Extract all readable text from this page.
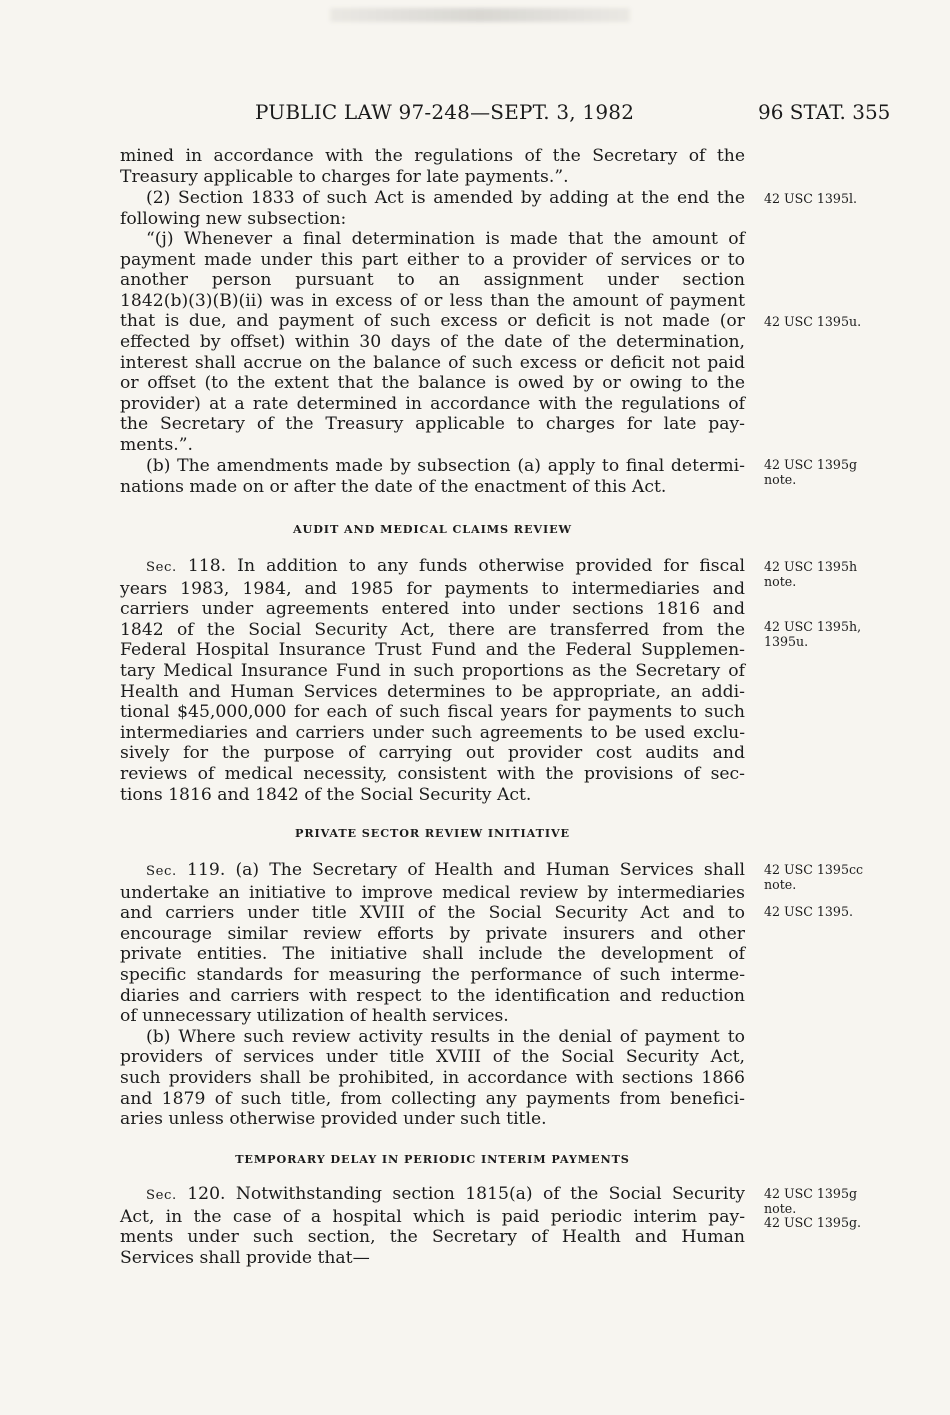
PUBLIC LAW 97-248—SEPT. 3, 1982	96 STAT. 355
mined in accordance with the regulations of the Secretary of the
Treasury applicable to charges for late payments.”.
(2) Section 1833 of such Act is amended by adding at the end the
following new subsection:
“(j) Whenever a final determination is made that the amount of
payment made under this part either to a provider of services or to
another person pursuant to an assignment under section
1842(b)(3)(B)(ii) was in excess of or less than the amount of payment
that is due, and payment of such excess or deficit is not made (or
effected by offset) within 30 days of the date of the determination,
interest shall accrue on the balance of such excess or deficit not paid
or offset (to the extent that the balance is owed by or owing to the
provider) at a rate determined in accordance with the regulations of
the Secretary of the Treasury applicable to charges for late pay-
ments.”.
(b) The amendments made by subsection (a) apply to final determi-
nations made on or after the date of the enactment of this Act.
AUDIT AND MEDICAL CLAIMS REVIEW
Sec. 118. In addition to any funds otherwise provided for fiscal
years 1983, 1984, and 1985 for payments to intermediaries and
carriers under agreements entered into under sections 1816 and
1842 of the Social Security Act, there are transferred from the
Federal Hospital Insurance Trust Fund and the Federal Supplemen-
tary Medical Insurance Fund in such proportions as the Secretary of
Health and Human Services determines to be appropriate, an addi-
tional $45,000,000 for each of such fiscal years for payments to such
intermediaries and carriers under such agreements to be used exclu-
sively for the purpose of carrying out provider cost audits and
reviews of medical necessity, consistent with the provisions of sec-
tions 1816 and 1842 of the Social Security Act.
PRIVATE SECTOR REVIEW INITIATIVE
Sec. 119. (a) The Secretary of Health and Human Services shall
undertake an initiative to improve medical review by intermediaries
and carriers under title XVIII of the Social Security Act and to
encourage similar review efforts by private insurers and other
private entities. The initiative shall include the development of
specific standards for measuring the performance of such interme-
diaries and carriers with respect to the identification and reduction
of unnecessary utilization of health services.
(b) Where such review activity results in the denial of payment to
providers of services under title XVIII of the Social Security Act,
such providers shall be prohibited, in accordance with sections 1866
and 1879 of such title, from collecting any payments from benefici-
aries unless otherwise provided under such title.
TEMPORARY DELAY IN PERIODIC INTERIM PAYMENTS
Sec. 120. Notwithstanding section 1815(a) of the Social Security
Act, in the case of a hospital which is paid periodic interim pay-
ments under such section, the Secretary of Health and Human
Services shall provide that—
42 USC 1395l.
42 USC 1395u.
42 USC 1395g
note.
42 USC 1395h
note.
42 USC 1395h,
1395u.
42 USC 1395cc
note.
42 USC 1395.
42 USC 1395g
note.
42 USC 1395g.
